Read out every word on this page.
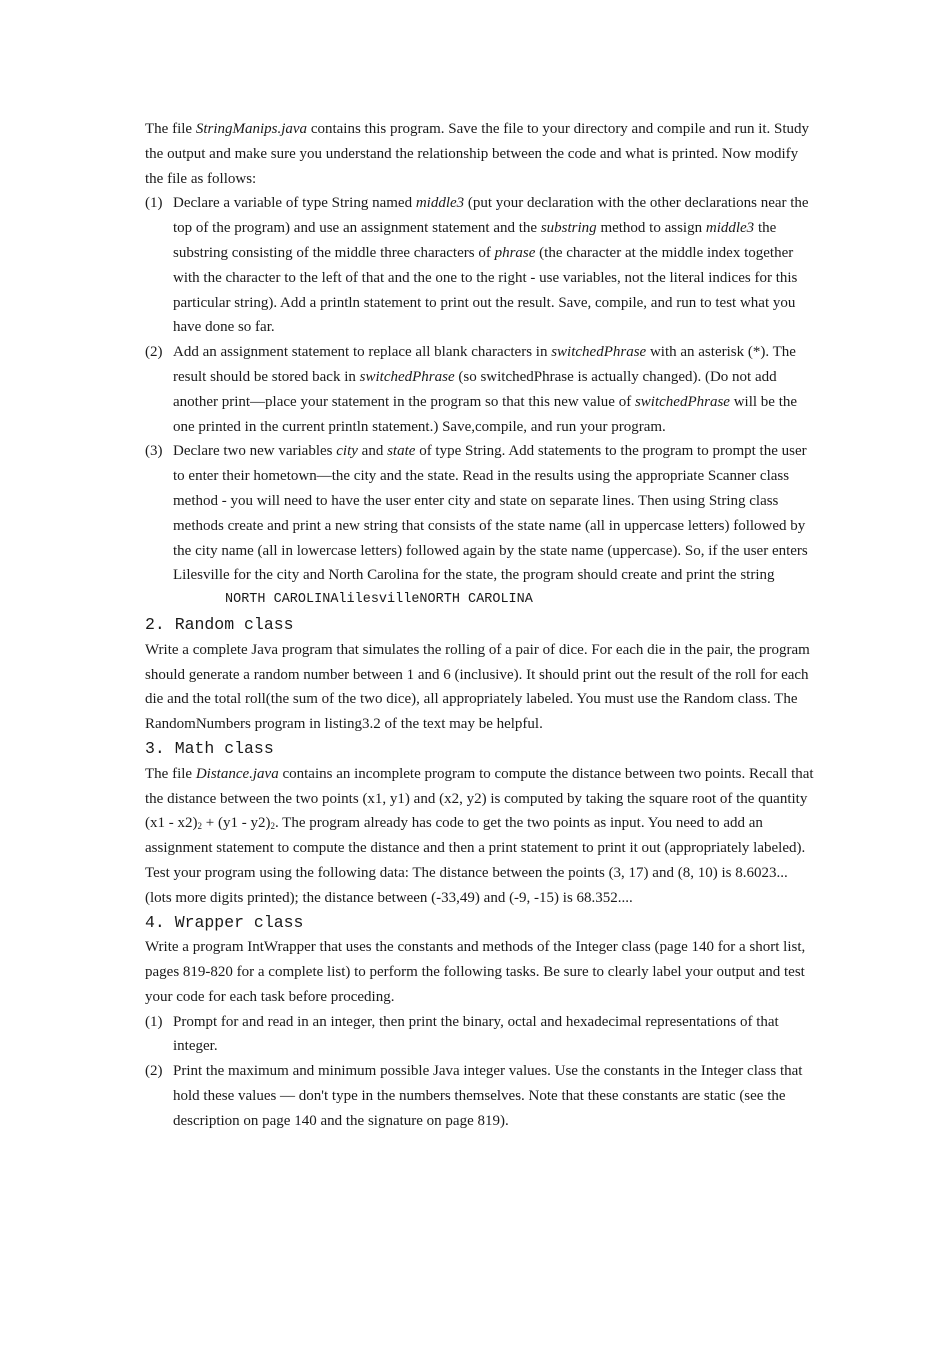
The file StringManips.java contains this program. Save the file to your directory and compile and run it. Study the output and make sure you understand the relationship between the code and what is printed. Now modify the file as follows:

(1) Declare a variable of type String named middle3 (put your declaration with the other declarations near the top of the program) and use an assignment statement and the substring method to assign middle3 the substring consisting of the middle three characters of phrase (the character at the middle index together with the character to the left of that and the one to the right - use variables, not the literal indices for this particular string). Add a println statement to print out the result. Save, compile, and run to test what you have done so far.

(2) Add an assignment statement to replace all blank characters in switchedPhrase with an asterisk (*). The result should be stored back in switchedPhrase (so switchedPhrase is actually changed). (Do not add another print—place your statement in the program so that this new value of switchedPhrase will be the one printed in the current println statement.) Save,compile, and run your program.

(3) Declare two new variables city and state of type String. Add statements to the program to prompt the user to enter their hometown—the city and the state. Read in the results using the appropriate Scanner class method - you will need to have the user enter city and state on separate lines. Then using String class methods create and print a new string that consists of the state name (all in uppercase letters) followed by the city name (all in lowercase letters) followed again by the state name (uppercase). So, if the user enters Lilesville for the city and North Carolina for the state, the program should create and print the string

NORTH CAROLINAlilesvilleNORTH CAROLINA

2. Random class

Write a complete Java program that simulates the rolling of a pair of dice. For each die in the pair, the program should generate a random number between 1 and 6 (inclusive). It should print out the result of the roll for each die and the total roll(the sum of the two dice), all appropriately labeled. You must use the Random class. The RandomNumbers program in listing3.2 of the text may be helpful.

3. Math class

The file Distance.java contains an incomplete program to compute the distance between two points. Recall that the distance between the two points (x1, y1) and (x2, y2) is computed by taking the square root of the quantity $(x1 - x2)_2 + (y1 - y2)_2$. The program already has code to get the two points as input. You need to add an assignment statement to compute the distance and then a print statement to print it out (appropriately labeled). Test your program using the following data: The distance between the points (3, 17) and (8, 10) is 8.6023... (lots more digits printed); the distance between (-33,49) and (-9, -15) is 68.352....

4. Wrapper class

Write a program IntWrapper that uses the constants and methods of the Integer class (page 140 for a short list, pages 819-820 for a complete list) to perform the following tasks. Be sure to clearly label your output and test your code for each task before proceding.

(1) Prompt for and read in an integer, then print the binary, octal and hexadecimal representations of that integer.

(2) Print the maximum and minimum possible Java integer values. Use the constants in the Integer class that hold these values — don't type in the numbers themselves. Note that these constants are static (see the description on page 140 and the signature on page 819).
